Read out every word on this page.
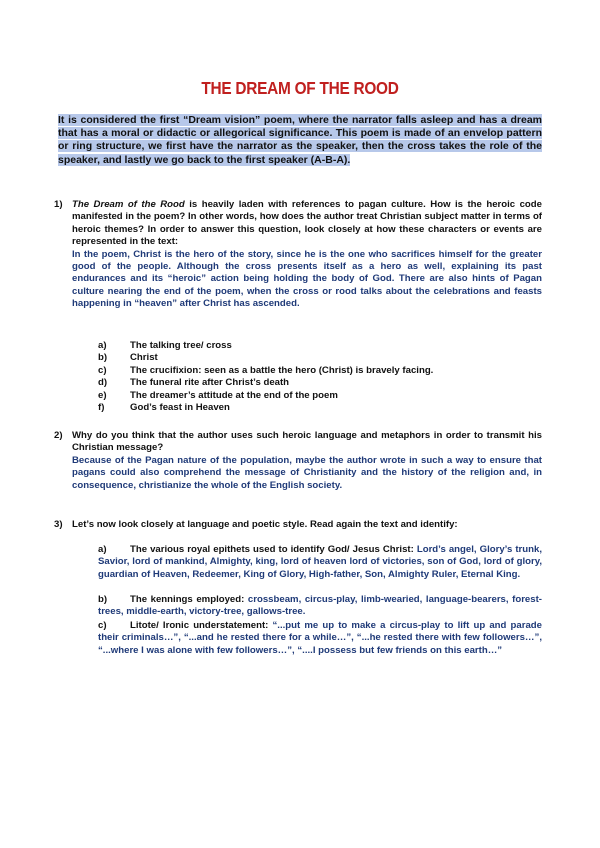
THE DREAM OF THE ROOD
It is considered the first “Dream vision” poem, where the narrator falls asleep and has a dream that has a moral or didactic or allegorical significance. This poem is made of an envelop pattern or ring structure, we first have the narrator as the speaker, then the cross takes the role of the speaker, and lastly we go back to the first speaker (A-B-A).
1) The Dream of the Rood is heavily laden with references to pagan culture. How is the heroic code manifested in the poem? In other words, how does the author treat Christian subject matter in terms of heroic themes? In order to answer this question, look closely at how these characters or events are represented in the text:
In the poem, Christ is the hero of the story, since he is the one who sacrifices himself for the greater good of the people. Although the cross presents itself as a hero as well, explaining its past endurances and its “heroic” action being holding the body of God. There are also hints of Pagan culture nearing the end of the poem, when the cross or rood talks about the celebrations and feasts happening in “heaven” after Christ has ascended.
a) The talking tree/ cross
b) Christ
c) The crucifixion: seen as a battle the hero (Christ) is bravely facing.
d) The funeral rite after Christ’s death
e) The dreamer’s attitude at the end of the poem
f)	God’s feast in Heaven
2) Why do you think that the author uses such heroic language and metaphors in order to transmit his Christian message?
Because of the Pagan nature of the population, maybe the author wrote in such a way to ensure that pagans could also comprehend the message of Christianity and the history of the religion and, in consequence, christianize the whole of the English society.
3) Let’s now look closely at language and poetic style. Read again the text and identify:
a) The various royal epithets used to identify God/ Jesus Christ: Lord’s angel, Glory’s trunk, Savior, lord of mankind, Almighty, king, lord of heaven lord of victories, son of God, lord of glory, guardian of Heaven, Redeemer, King of Glory, High-father, Son, Almighty Ruler, Eternal King.
b) The kennings employed: crossbeam, circus-play, limb-wearied, language-bearers, forest-trees, middle-earth, victory-tree, gallows-tree.
c) Litote/ Ironic understatement: “...put me up to make a circus-play to lift up and parade their criminals…”, “...and he rested there for a while…”, “...he rested there with few followers…”, “...where I was alone with few followers…”, “....I possess but few friends on this earth…”
